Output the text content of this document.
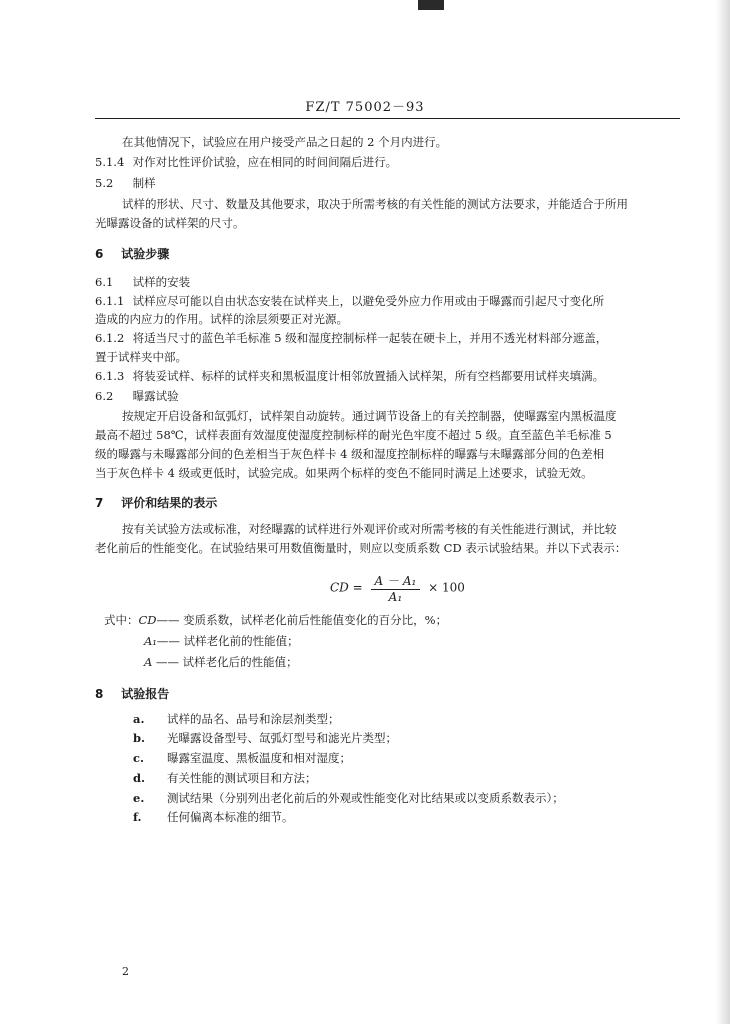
FZ/T 75002－93
在其他情况下，试验应在用户接受产品之日起的 2 个月内进行。
5.1.4 对作对比性评价试验，应在相同的时间间隔后进行。
5.2 制样
试样的形状、尺寸、数量及其他要求，取决于所需考核的有关性能的测试方法要求，并能适合于所用
光曝露设备的试样架的尺寸。
6 试验步骤
6.1 试样的安装
6.1.1 试样应尽可能以自由状态安装在试样夹上，以避免受外应力作用或由于曝露而引起尺寸变化所
造成的内应力的作用。试样的涂层须要正对光源。
6.1.2 将适当尺寸的蓝色羊毛标准 5 级和湿度控制标样一起装在硬卡上，并用不透光材料部分遮盖，
置于试样夹中部。
6.1.3 将装妥试样、标样的试样夹和黑板温度计相邻放置插入试样架，所有空档都要用试样夹填满。
6.2 曝露试验
按规定开启设备和氙弧灯，试样架自动旋转。通过调节设备上的有关控制器，使曝露室内黑板温度
最高不超过 58℃，试样表面有效湿度使湿度控制标样的耐光色牢度不超过 5 级。直至蓝色羊毛标准 5
级的曝露与未曝露部分间的色差相当于灰色样卡 4 级和湿度控制标样的曝露与未曝露部分间的色差相
当于灰色样卡 4 级或更低时，试验完成。如果两个标样的变色不能同时满足上述要求，试验无效。
7 评价和结果的表示
按有关试验方法或标准，对经曝露的试样进行外观评价或对所需考核的有关性能进行测试，并比较
老化前后的性能变化。在试验结果可用数值衡量时，则应以变质系数 CD 表示试验结果。并以下式表示：
CD = $\frac{\text{A － A₁}}{\text{A₁}} \times 100$
式中：CD—— 变质系数，试样老化前后性能值变化的百分比，%；
A₁—— 试样老化前的性能值；
A —— 试样老化后的性能值；
8 试验报告
a. 试样的品名、品号和涂层剂类型；
b. 光曝露设备型号、氙弧灯型号和滤光片类型；
c. 曝露室温度、黑板温度和相对湿度；
d. 有关性能的测试项目和方法；
e. 测试结果（分别列出老化前后的外观或性能变化对比结果或以变质系数表示）；
f. 任何偏离本标准的细节。
2
